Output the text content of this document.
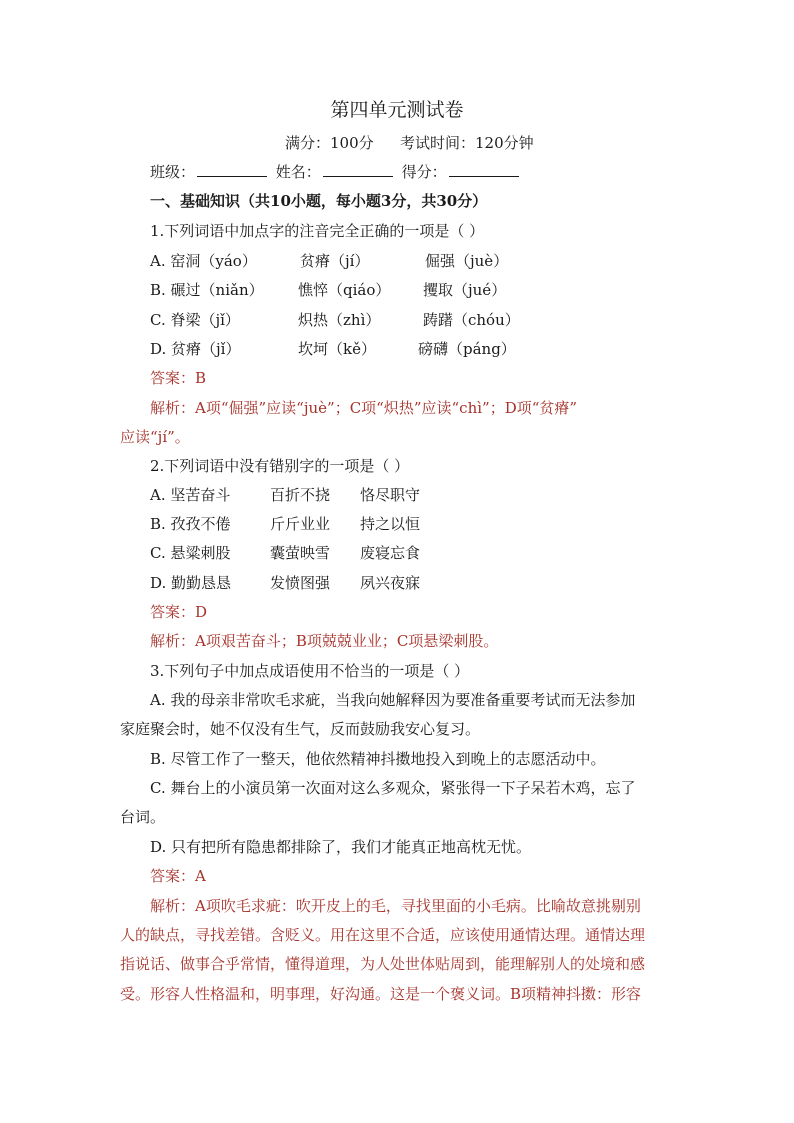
第四单元测试卷
满分：100分 考试时间：120分钟
班级：	姓名：	得分：
一、基础知识（共10小题，每小题3分，共30分）
1.下列词语中加点字的注音完全正确的一项是（ ）
A. 窑洞（yáo）	贫瘠（jí）	倔强（juè）
B. 碾过（niǎn） 憔悴（qiáo） 攫取（jué）
C. 脊梁（jǐ）	炽热（zhì）	踌躇（chóu）
D. 贫瘠（jǐ）	坎坷（kě）	磅礴（páng）
答案：B
解析：A项“倔强”应读“juè”；C项“炽热”应读“chì”；D项“贫瘠”
应读“jí”。
2.下列词语中没有错别字的一项是（ ）
A. 坚苦奋斗	百折不挠 恪尽职守
B. 孜孜不倦	斤斤业业 持之以恒
C. 悬粱刺股	囊萤映雪 废寝忘食
D. 勤勤恳恳	发愤图强 夙兴夜寐
答案：D
解析：A项艰苦奋斗；B项兢兢业业；C项悬梁刺股。
3.下列句子中加点成语使用不恰当的一项是（ ）
A. 我的母亲非常吹毛求疵，当我向她解释因为要准备重要考试而无法参加
家庭聚会时，她不仅没有生气，反而鼓励我安心复习。
B. 尽管工作了一整天，他依然精神抖擞地投入到晚上的志愿活动中。
C. 舞台上的小演员第一次面对这么多观众，紧张得一下子呆若木鸡，忘了
台词。
D. 只有把所有隐患都排除了，我们才能真正地高枕无忧。
答案：A
解析：A项吹毛求疵：吹开皮上的毛，寻找里面的小毛病。比喻故意挑剔别
人的缺点，寻找差错。含贬义。用在这里不合适，应该使用通情达理。通情达理
指说话、做事合乎常情，懂得道理，为人处世体贴周到，能理解别人的处境和感
受。形容人性格温和，明事理，好沟通。这是一个褒义词。B项精神抖擞：形容
